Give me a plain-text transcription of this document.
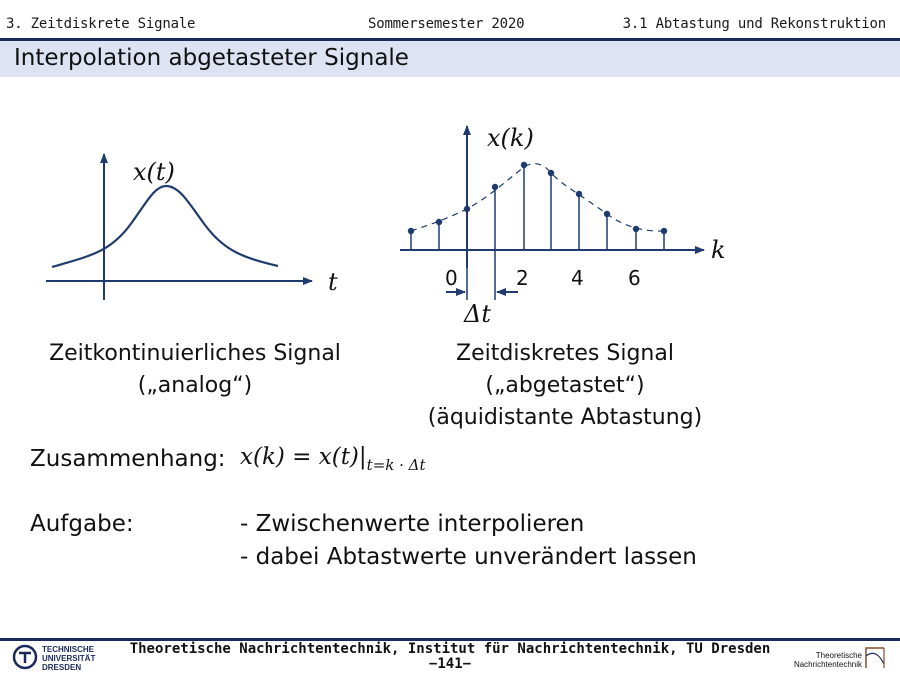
3. Zeitdiskrete Signale	Sommersemester 2020	3.1 Abtastung und Rekonstruktion
Interpolation abgetasteter Signale
x(t)
t
x(k)
k
0	2 4 6
Δt
Zeitkontinuierliches Signal
(„analog“)
Zeitdiskretes Signal
(„abgetastet“)
(äquidistante Abtastung)
Zusammenhang: $x(k) = x(t)|_{t=k \cdot \Delta t}$
Aufgabe:	- Zwischenwerte interpolieren
- dabei Abtastwerte unverändert lassen
Theoretische Nachrichtentechnik, Institut für Nachrichtentechnik, TU Dresden
−141−
TECHNISCHE UNIVERSITÄT DRESDEN
Theoretische Nachrichtentechnik
